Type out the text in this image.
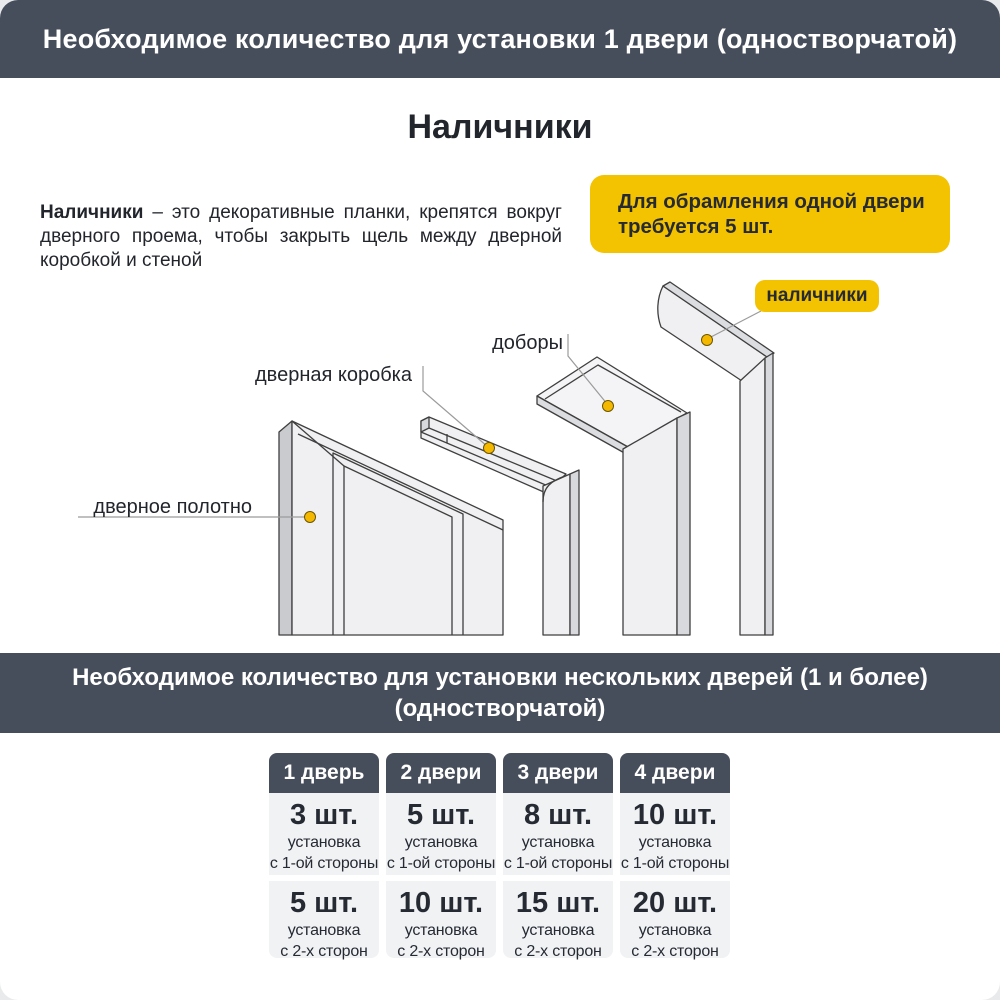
Необходимое количество для установки 1 двери (одностворчатой)
Наличники

Наличники – это декоративные планки, крепятся вокруг дверного проема, чтобы закрыть щель между дверной коробкой и стеной

Для обрамления одной двери
требуется 5 шт.
дверное полотно
дверная коробка
доборы
наличники
Необходимое количество для установки нескольких дверей (1 и более)
(одностворчатой)
1 дверь
3 шт.
установка
с 1-ой стороны
5 шт.
установка
с 2-х сторон
2 двери
5 шт.
установка
с 1-ой стороны
10 шт.
установка
с 2-х сторон
3 двери
8 шт.
установка
с 1-ой стороны
15 шт.
установка
с 2-х сторон
4 двери
10 шт.
установка
с 1-ой стороны
20 шт.
установка
с 2-х сторон
